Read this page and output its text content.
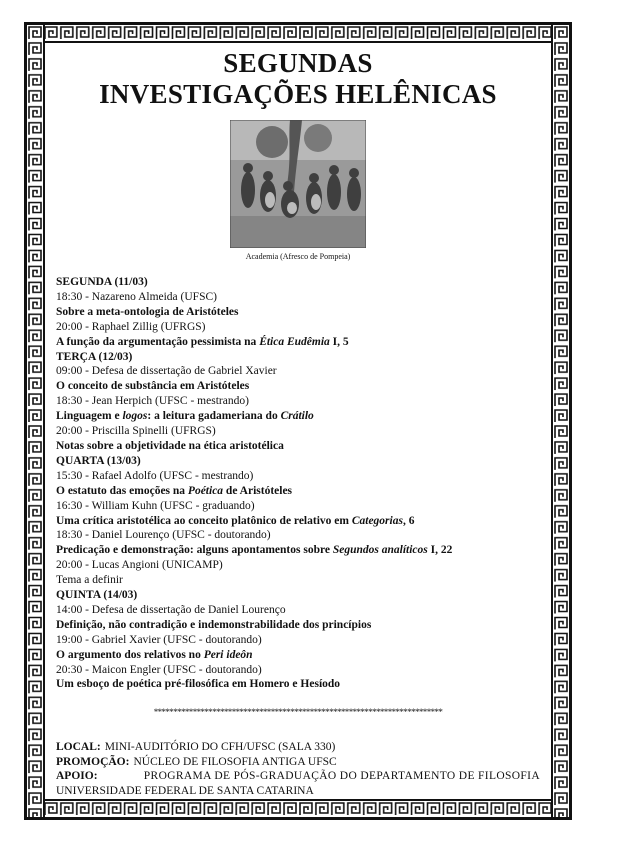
SEGUNDAS
INVESTIGAÇÕES HELÊNICAS
Academia (Afresco de Pompeia)
SEGUNDA (11/03)
18:30 - Nazareno Almeida (UFSC)
Sobre a meta-ontologia de Aristóteles
20:00 - Raphael Zillig (UFRGS)
A função da argumentação pessimista na Ética Eudêmia I, 5
TERÇA (12/03)
09:00 - Defesa de dissertação de Gabriel Xavier
O conceito de substância em Aristóteles
18:30 - Jean Herpich (UFSC - mestrando)
Linguagem e logos: a leitura gadameriana do Crátilo
20:00 - Priscilla Spinelli (UFRGS)
Notas sobre a objetividade na ética aristotélica
QUARTA (13/03)
15:30 - Rafael Adolfo (UFSC - mestrando)
O estatuto das emoções na Poética de Aristóteles
16:30 - William Kuhn (UFSC - graduando)
Uma crítica aristotélica ao conceito platônico de relativo em Categorias, 6
18:30 - Daniel Lourenço (UFSC - doutorando)
Predicação e demonstração: alguns apontamentos sobre Segundos analíticos I, 22
20:00 - Lucas Angioni (UNICAMP)
Tema a definir
QUINTA (14/03)
14:00 - Defesa de dissertação de Daniel Lourenço
Definição, não contradição e indemonstrabilidade dos princípios
19:00 - Gabriel Xavier (UFSC - doutorando)
O argumento dos relativos no Peri ideôn
20:30 - Maicon Engler (UFSC - doutorando)
Um esboço de poética pré-filosófica em Homero e Hesíodo
**************************************************************************
LOCAL: MINI-AUDITÓRIO DO CFH/UFSC (SALA 330)
PROMOÇÃO: NÚCLEO DE FILOSOFIA ANTIGA UFSC
APOIO:	PROGRAMA DE PÓS-GRADUAÇÃO DO DEPARTAMENTO DE FILOSOFIA
UNIVERSIDADE FEDERAL DE SANTA CATARINA
